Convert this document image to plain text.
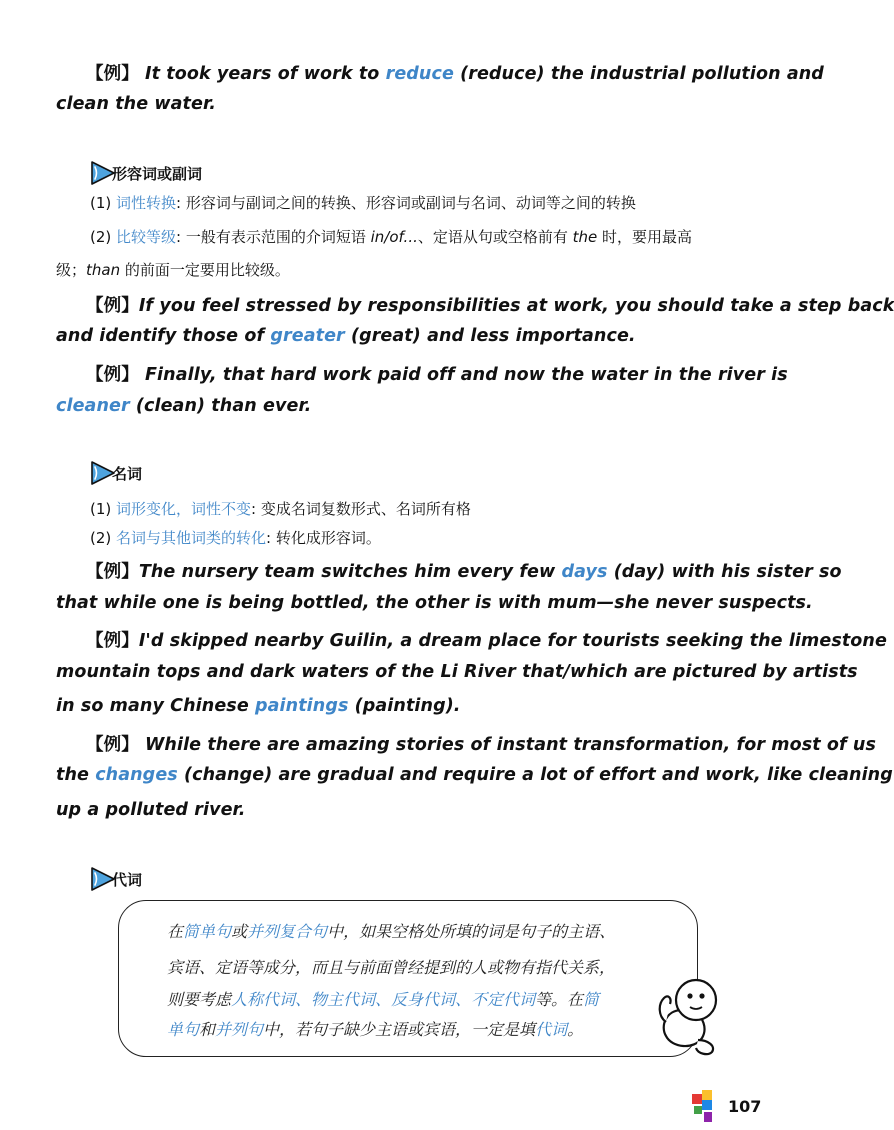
【例】 It took years of work to reduce (reduce) the industrial pollution and
clean the water.
形容词或副词
(1) 词性转换: 形容词与副词之间的转换、形容词或副词与名词、动词等之间的转换
(2) 比较等级: 一般有表示范围的介词短语 in/of...、定语从句或空格前有 the 时，要用最高
级；than 的前面一定要用比较级。
【例】If you feel stressed by responsibilities at work, you should take a step back
and identify those of greater (great) and less importance.
【例】 Finally, that hard work paid off and now the water in the river is
cleaner (clean) than ever.
名词
(1) 词形变化，词性不变: 变成名词复数形式、名词所有格
(2) 名词与其他词类的转化: 转化成形容词。
【例】The nursery team switches him every few days (day) with his sister so
that while one is being bottled, the other is with mum—she never suspects.
【例】I'd skipped nearby Guilin, a dream place for tourists seeking the limestone
mountain tops and dark waters of the Li River that/which are pictured by artists
in so many Chinese paintings (painting).
【例】 While there are amazing stories of instant transformation, for most of us
the changes (change) are gradual and require a lot of effort and work, like cleaning
up a polluted river.
代词
在简单句或并列复合句中，如果空格处所填的词是句子的主语、
宾语、定语等成分，而且与前面曾经提到的人或物有指代关系，
则要考虑人称代词、物主代词、反身代词、不定代词等。在简
单句和并列句中，若句子缺少主语或宾语，一定是填代词。
107
